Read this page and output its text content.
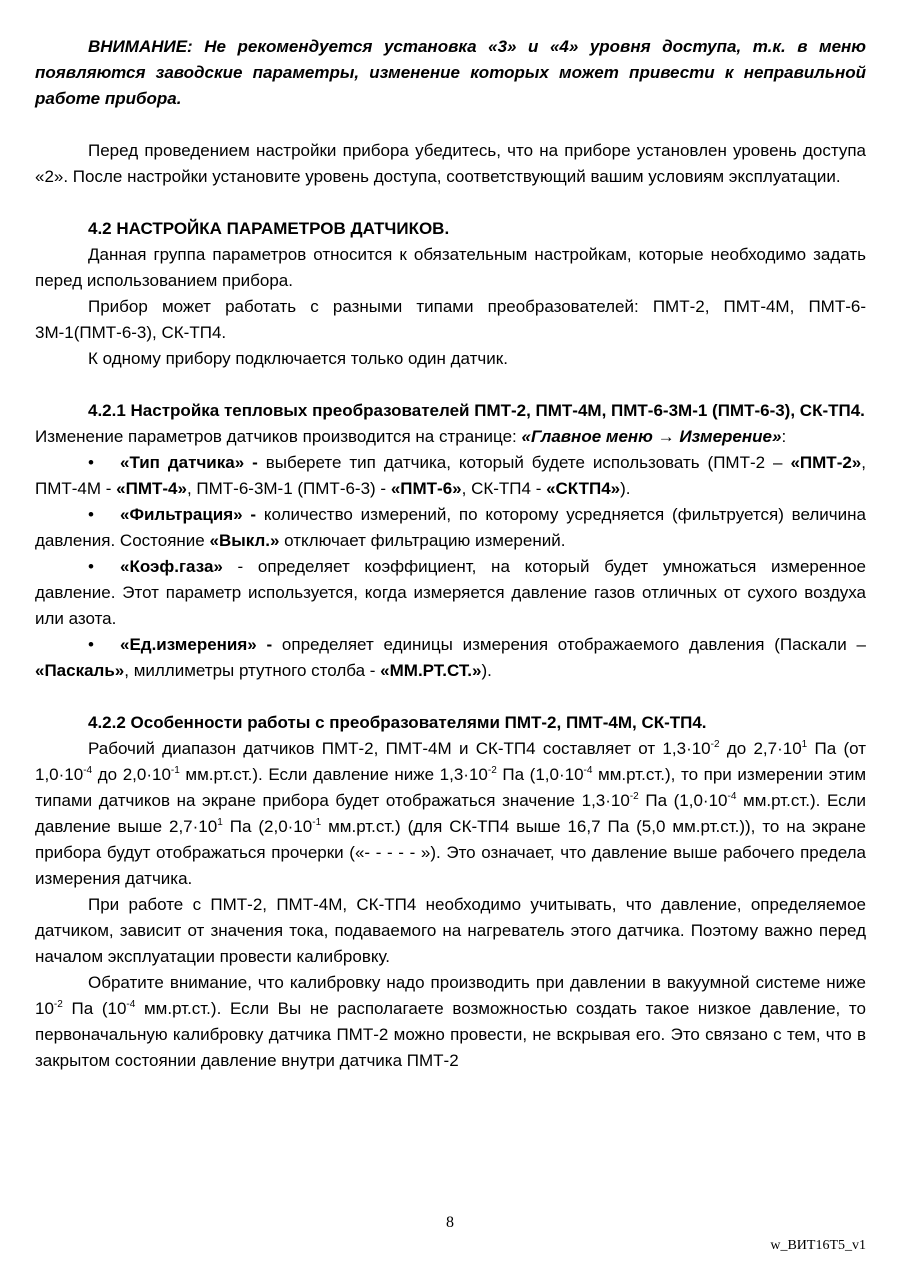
ВНИМАНИЕ: Не рекомендуется установка «3» и «4» уровня доступа, т.к. в меню появляются заводские параметры, изменение которых может привести к неправильной работе прибора.

Перед проведением настройки прибора убедитесь, что на приборе установлен уровень доступа «2». После настройки установите уровень доступа, соответствующий вашим условиям эксплуатации.

4.2 НАСТРОЙКА ПАРАМЕТРОВ ДАТЧИКОВ.

Данная группа параметров относится к обязательным настройкам, которые необходимо задать перед использованием прибора.

Прибор может работать с разными типами преобразователей: ПМТ-2, ПМТ-4М, ПМТ-6-3М-1(ПМТ-6-3), СК-ТП4.

К одному прибору подключается только один датчик.

4.2.1 Настройка тепловых преобразователей ПМТ-2, ПМТ-4М, ПМТ-6-3М-1 (ПМТ-6-3), СК-ТП4.

Изменение параметров датчиков производится на странице: «Главное меню → Измерение»:

• «Тип датчика» - выберете тип датчика, который будете использовать (ПМТ-2 – «ПМТ-2», ПМТ-4М - «ПМТ-4», ПМТ-6-3М-1 (ПМТ-6-3) - «ПМТ-6», СК-ТП4 - «СКТП4»).

• «Фильтрация» - количество измерений, по которому усредняется (фильтруется) величина давления. Состояние «Выкл.» отключает фильтрацию измерений.

• «Коэф.газа» - определяет коэффициент, на который будет умножаться измеренное давление. Этот параметр используется, когда измеряется давление газов отличных от сухого воздуха или азота.

• «Ед.измерения» - определяет единицы измерения отображаемого давления (Паскали – «Паскаль», миллиметры ртутного столба - «ММ.РТ.СТ.»).

4.2.2 Особенности работы с преобразователями ПМТ-2, ПМТ-4М, СК-ТП4.

Рабочий диапазон датчиков ПМТ-2, ПМТ-4М и СК-ТП4 составляет от $1,3\cdot 10^{-2}$ до $2,7\cdot 10^1$ Па (от $1,0\cdot 10^{-4}$ до $2,0\cdot 10^{-1}$ мм.рт.ст.). Если давление ниже $1,3\cdot 10^{-2}$ Па ($1,0\cdot 10^{-4}$ мм.рт.ст.), то при измерении этим типами датчиков на экране прибора будет отображаться значение $1,3\cdot 10^{-2}$ Па ($1,0\cdot 10^{-4}$ мм.рт.ст.). Если давление выше $2,7\cdot 10^1$ Па ($2,0\cdot 10^{-1}$ мм.рт.ст.) (для СК-ТП4 выше 16,7 Па (5,0 мм.рт.ст.)), то на экране прибора будут отображаться прочерки («- - - - - »). Это означает, что давление выше рабочего предела измерения датчика.

При работе с ПМТ-2, ПМТ-4М, СК-ТП4 необходимо учитывать, что давление, определяемое датчиком, зависит от значения тока, подаваемого на нагреватель этого датчика. Поэтому важно перед началом эксплуатации провести калибровку.

Обратите внимание, что калибровку надо производить при давлении в вакуумной системе ниже $10^{-2}$ Па ($10^{-4}$ мм.рт.ст.). Если Вы не располагаете возможностью создать такое низкое давление, то первоначальную калибровку датчика ПМТ-2 можно провести, не вскрывая его. Это связано с тем, что в закрытом состоянии давление внутри датчика ПМТ-2

8
w_ВИТ16Т5_v1
